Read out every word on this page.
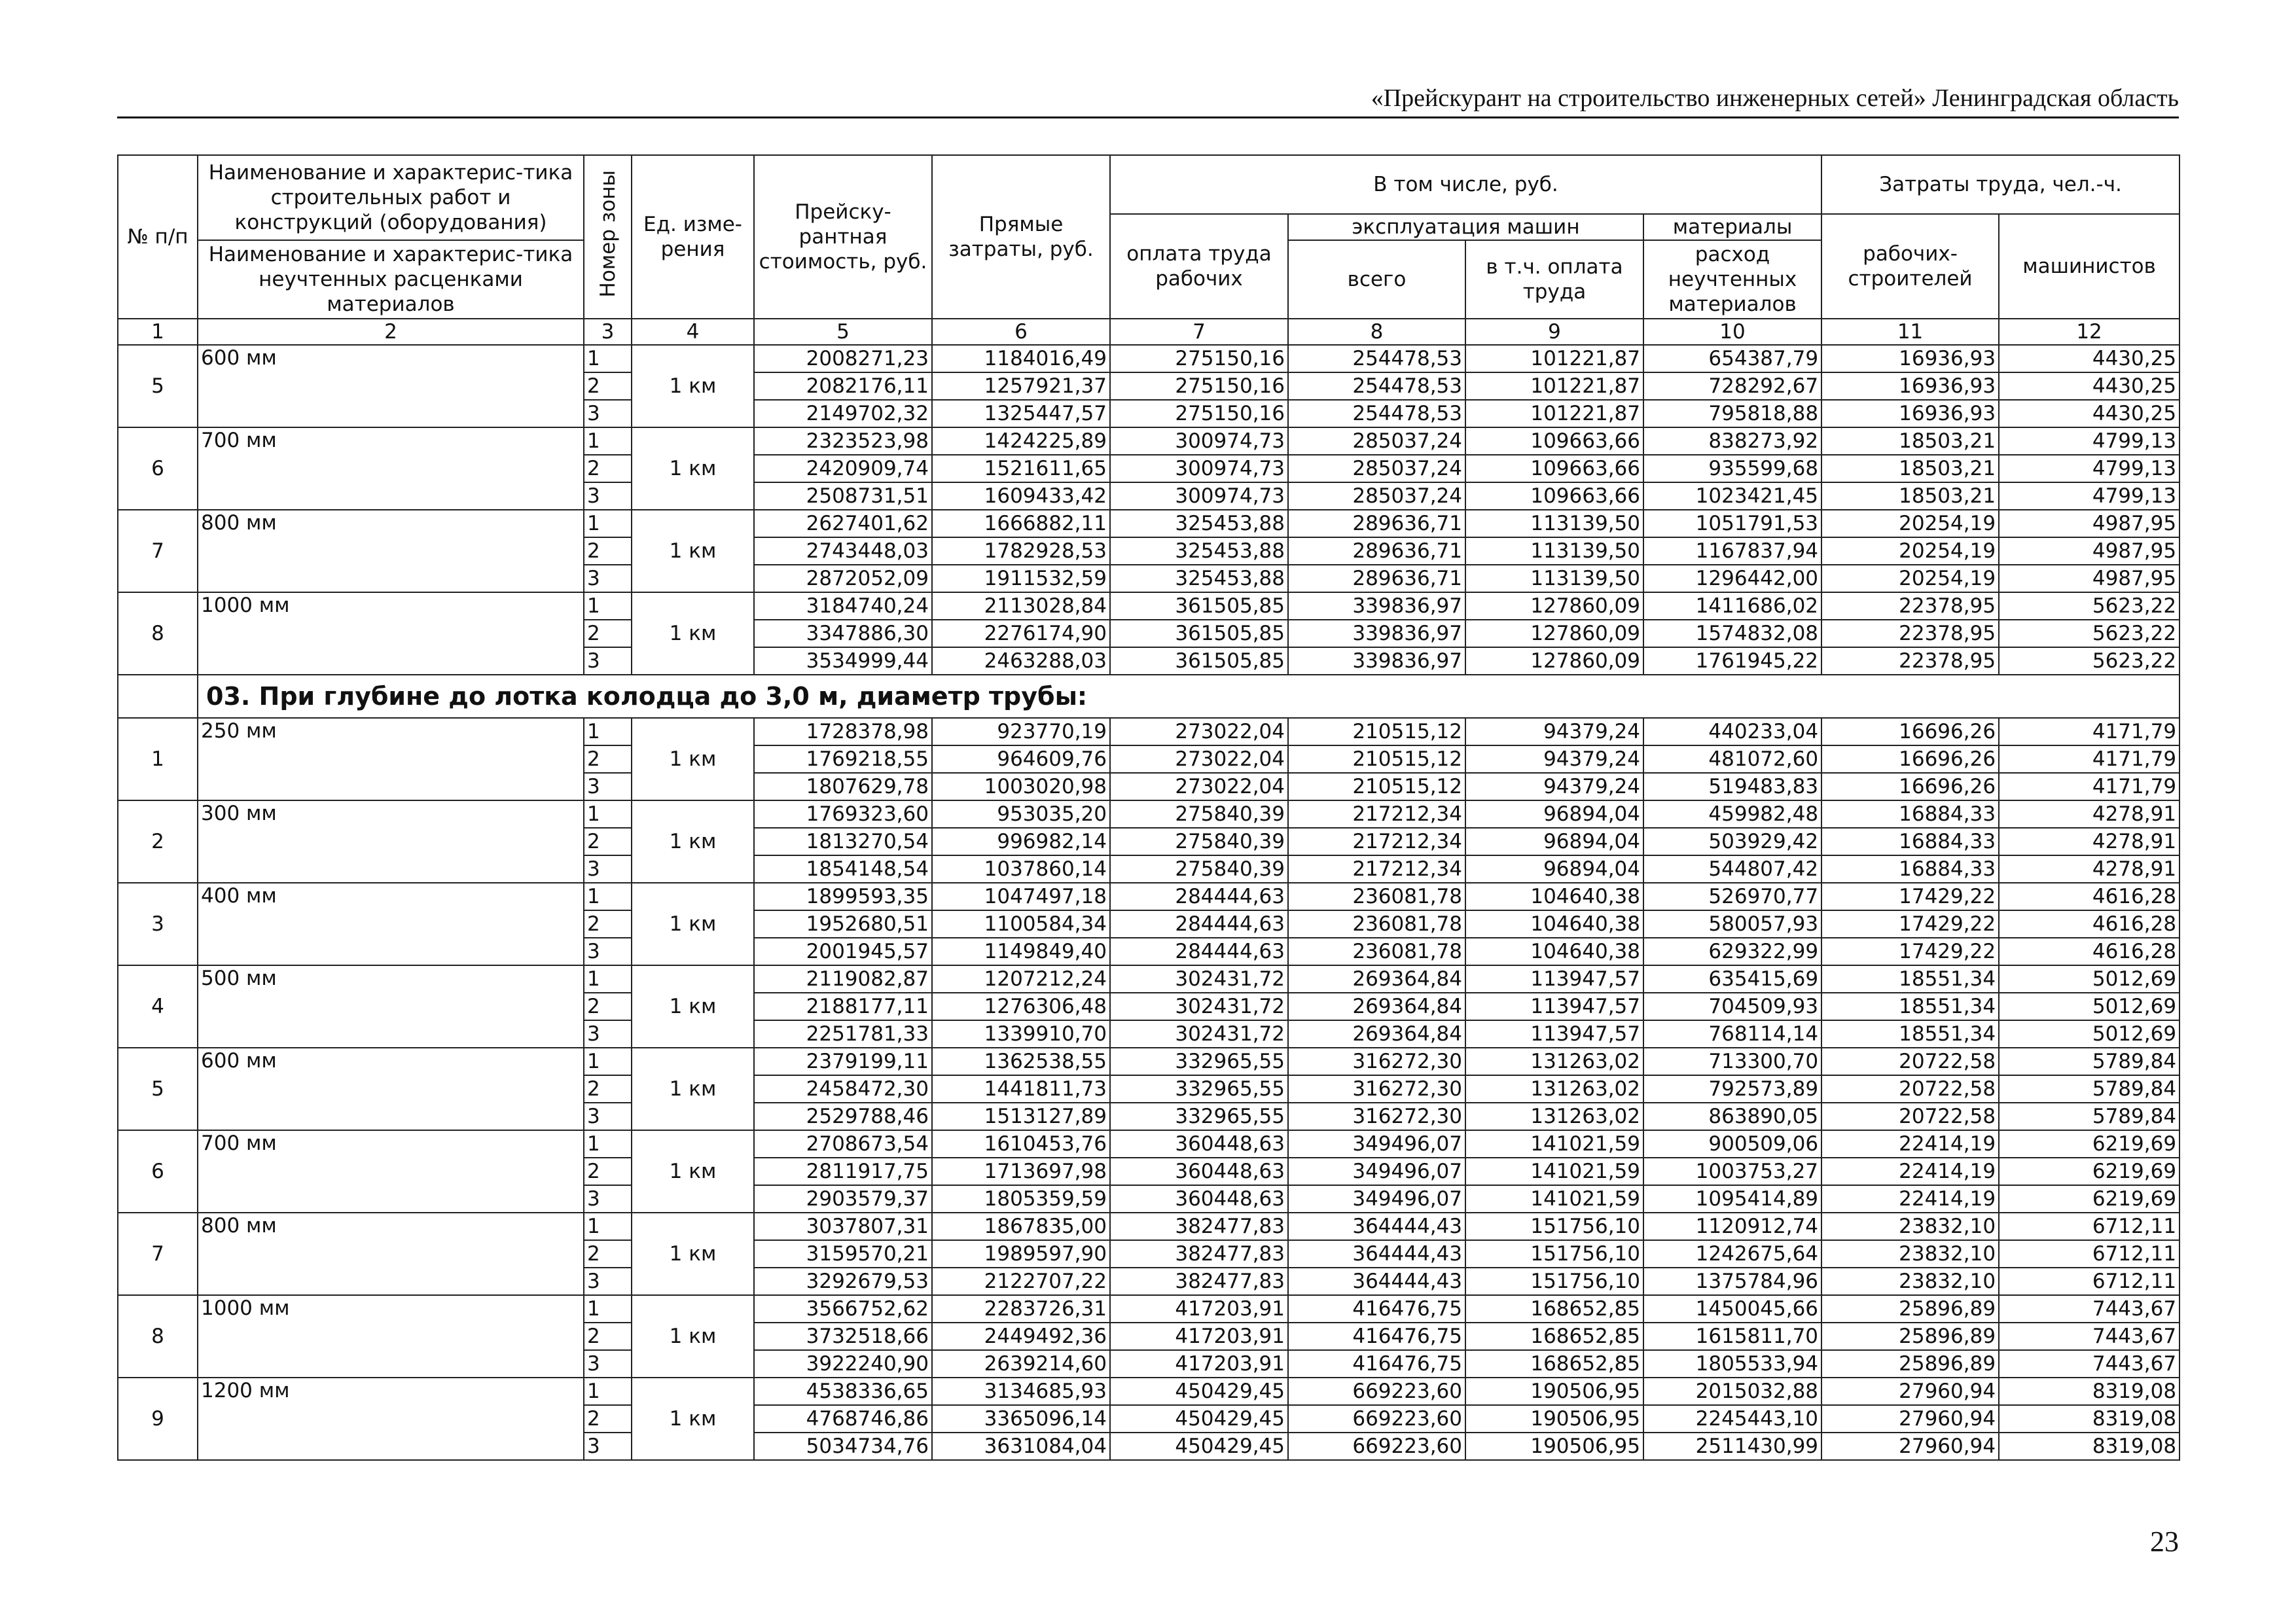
«Прейскурант на строительство инженерных сетей» Ленинградская область
№ п/п	Наименование и характерис-тика строительных работ и конструкций (оборудования)	Номер зоны	Ед. изме-рения	Прейску-рантная стоимость, руб.	Прямые затраты, руб.	В том числе, руб.				Затраты труда, чел.-ч.	
						оплата труда рабочих	эксплуатация машин		материалы	рабочих-строителей	машинистов
	Наименование и характерис-тика неучтенных расценками материалов						всего	в т.ч. оплата труда	расход неучтенных материалов		
1	2	3	4	5	6	7	8	9	10	11	12
5	600 мм	1	1 км	2008271,23	1184016,49	275150,16	254478,53	101221,87	654387,79	16936,93	4430,25
		2		2082176,11	1257921,37	275150,16	254478,53	101221,87	728292,67	16936,93	4430,25
		3		2149702,32	1325447,57	275150,16	254478,53	101221,87	795818,88	16936,93	4430,25
6	700 мм	1	1 км	2323523,98	1424225,89	300974,73	285037,24	109663,66	838273,92	18503,21	4799,13
		2		2420909,74	1521611,65	300974,73	285037,24	109663,66	935599,68	18503,21	4799,13
		3		2508731,51	1609433,42	300974,73	285037,24	109663,66	1023421,45	18503,21	4799,13
7	800 мм	1	1 км	2627401,62	1666882,11	325453,88	289636,71	113139,50	1051791,53	20254,19	4987,95
		2		2743448,03	1782928,53	325453,88	289636,71	113139,50	1167837,94	20254,19	4987,95
		3		2872052,09	1911532,59	325453,88	289636,71	113139,50	1296442,00	20254,19	4987,95
8	1000 мм	1	1 км	3184740,24	2113028,84	361505,85	339836,97	127860,09	1411686,02	22378,95	5623,22
		2		3347886,30	2276174,90	361505,85	339836,97	127860,09	1574832,08	22378,95	5623,22
		3		3534999,44	2463288,03	361505,85	339836,97	127860,09	1761945,22	22378,95	5623,22
	03. При глубине до лотка колодца до 3,0 м, диаметр трубы:										
1	250 мм	1	1 км	1728378,98	923770,19	273022,04	210515,12	94379,24	440233,04	16696,26	4171,79
		2		1769218,55	964609,76	273022,04	210515,12	94379,24	481072,60	16696,26	4171,79
		3		1807629,78	1003020,98	273022,04	210515,12	94379,24	519483,83	16696,26	4171,79
2	300 мм	1	1 км	1769323,60	953035,20	275840,39	217212,34	96894,04	459982,48	16884,33	4278,91
		2		1813270,54	996982,14	275840,39	217212,34	96894,04	503929,42	16884,33	4278,91
		3		1854148,54	1037860,14	275840,39	217212,34	96894,04	544807,42	16884,33	4278,91
3	400 мм	1	1 км	1899593,35	1047497,18	284444,63	236081,78	104640,38	526970,77	17429,22	4616,28
		2		1952680,51	1100584,34	284444,63	236081,78	104640,38	580057,93	17429,22	4616,28
		3		2001945,57	1149849,40	284444,63	236081,78	104640,38	629322,99	17429,22	4616,28
4	500 мм	1	1 км	2119082,87	1207212,24	302431,72	269364,84	113947,57	635415,69	18551,34	5012,69
		2		2188177,11	1276306,48	302431,72	269364,84	113947,57	704509,93	18551,34	5012,69
		3		2251781,33	1339910,70	302431,72	269364,84	113947,57	768114,14	18551,34	5012,69
5	600 мм	1	1 км	2379199,11	1362538,55	332965,55	316272,30	131263,02	713300,70	20722,58	5789,84
		2		2458472,30	1441811,73	332965,55	316272,30	131263,02	792573,89	20722,58	5789,84
		3		2529788,46	1513127,89	332965,55	316272,30	131263,02	863890,05	20722,58	5789,84
6	700 мм	1	1 км	2708673,54	1610453,76	360448,63	349496,07	141021,59	900509,06	22414,19	6219,69
		2		2811917,75	1713697,98	360448,63	349496,07	141021,59	1003753,27	22414,19	6219,69
		3		2903579,37	1805359,59	360448,63	349496,07	141021,59	1095414,89	22414,19	6219,69
7	800 мм	1	1 км	3037807,31	1867835,00	382477,83	364444,43	151756,10	1120912,74	23832,10	6712,11
		2		3159570,21	1989597,90	382477,83	364444,43	151756,10	1242675,64	23832,10	6712,11
		3		3292679,53	2122707,22	382477,83	364444,43	151756,10	1375784,96	23832,10	6712,11
8	1000 мм	1	1 км	3566752,62	2283726,31	417203,91	416476,75	168652,85	1450045,66	25896,89	7443,67
		2		3732518,66	2449492,36	417203,91	416476,75	168652,85	1615811,70	25896,89	7443,67
		3		3922240,90	2639214,60	417203,91	416476,75	168652,85	1805533,94	25896,89	7443,67
9	1200 мм	1	1 км	4538336,65	3134685,93	450429,45	669223,60	190506,95	2015032,88	27960,94	8319,08
		2		4768746,86	3365096,14	450429,45	669223,60	190506,95	2245443,10	27960,94	8319,08
		3		5034734,76	3631084,04	450429,45	669223,60	190506,95	2511430,99	27960,94	8319,08
23
